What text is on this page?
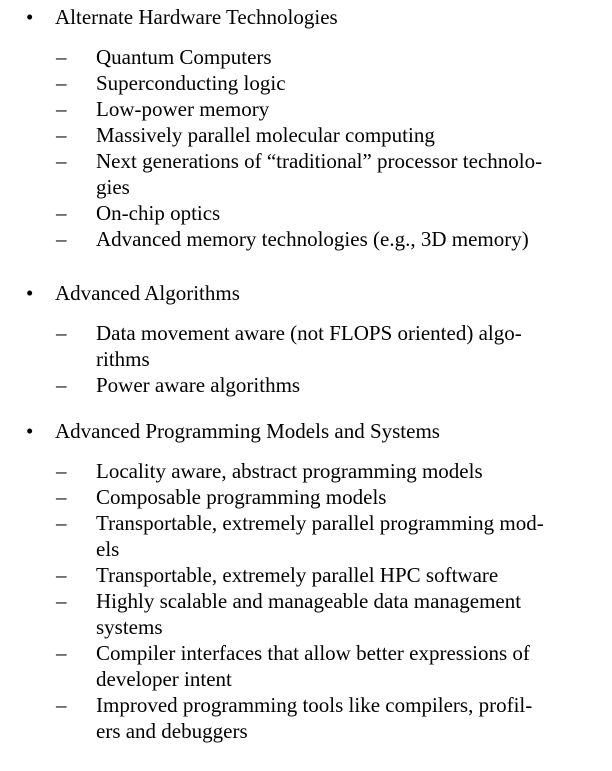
•	Alternate Hardware Technologies
– Quantum Computers
– Superconducting logic
– Low-power memory
– Massively parallel molecular computing
– Next generations of “traditional” processor technolo-
gies
– On-chip optics
– Advanced memory technologies (e.g., 3D memory)
•	Advanced Algorithms
– Data movement aware (not FLOPS oriented) algo-
rithms
– Power aware algorithms
•	Advanced Programming Models and Systems
– Locality aware, abstract programming models
– Composable programming models
– Transportable, extremely parallel programming mod-
els
– Transportable, extremely parallel HPC software
– Highly scalable and manageable data management
systems
– Compiler interfaces that allow better expressions of
developer intent
– Improved programming tools like compilers, profil-
ers and debuggers
